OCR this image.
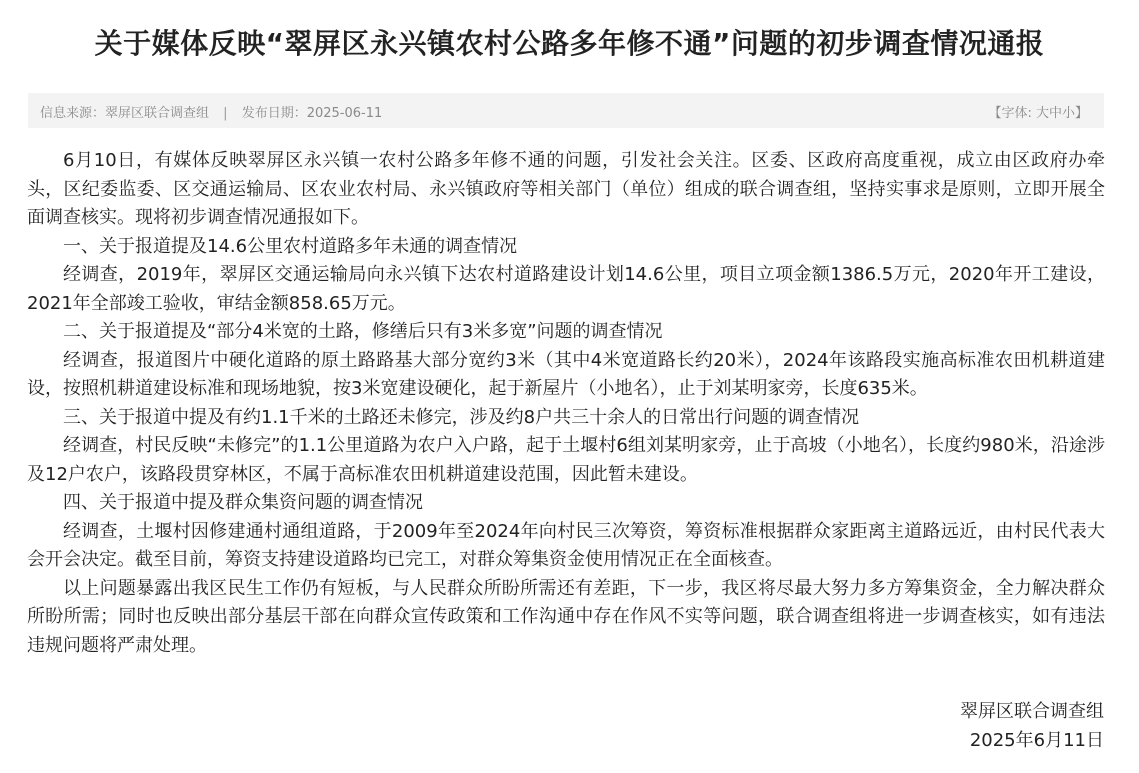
关于媒体反映“翠屏区永兴镇农村公路多年修不通”问题的初步调查情况通报
信息来源：翠屏区联合调查组 | 发布日期：2025-06-11	【字体: 大中小】

6月10日，有媒体反映翠屏区永兴镇一农村公路多年修不通的问题，引发社会关注。区委、区政府高度重视，成立由区政府办牵头，区纪委监委、区交通运输局、区农业农村局、永兴镇政府等相关部门（单位）组成的联合调查组，坚持实事求是原则，立即开展全面调查核实。现将初步调查情况通报如下。

一、关于报道提及14.6公里农村道路多年未通的调查情况

经调查，2019年，翠屏区交通运输局向永兴镇下达农村道路建设计划14.6公里，项目立项金额1386.5万元，2020年开工建设，2021年全部竣工验收，审结金额858.65万元。

二、关于报道提及“部分4米宽的土路，修缮后只有3米多宽”问题的调查情况

经调查，报道图片中硬化道路的原土路路基大部分宽约3米（其中4米宽道路长约20米），2024年该路段实施高标准农田机耕道建设，按照机耕道建设标准和现场地貌，按3米宽建设硬化，起于新屋片（小地名），止于刘某明家旁，长度635米。

三、关于报道中提及有约1.1千米的土路还未修完，涉及约8户共三十余人的日常出行问题的调查情况

经调查，村民反映“未修完”的1.1公里道路为农户入户路，起于土堰村6组刘某明家旁，止于高坡（小地名），长度约980米，沿途涉及12户农户，该路段贯穿林区，不属于高标准农田机耕道建设范围，因此暂未建设。

四、关于报道中提及群众集资问题的调查情况

经调查，土堰村因修建通村通组道路，于2009年至2024年向村民三次筹资，筹资标准根据群众家距离主道路远近，由村民代表大会开会决定。截至目前，筹资支持建设道路均已完工，对群众筹集资金使用情况正在全面核查。

以上问题暴露出我区民生工作仍有短板，与人民群众所盼所需还有差距，下一步，我区将尽最大努力多方筹集资金，全力解决群众所盼所需；同时也反映出部分基层干部在向群众宣传政策和工作沟通中存在作风不实等问题，联合调查组将进一步调查核实，如有违法违规问题将严肃处理。

翠屏区联合调查组
2025年6月11日
